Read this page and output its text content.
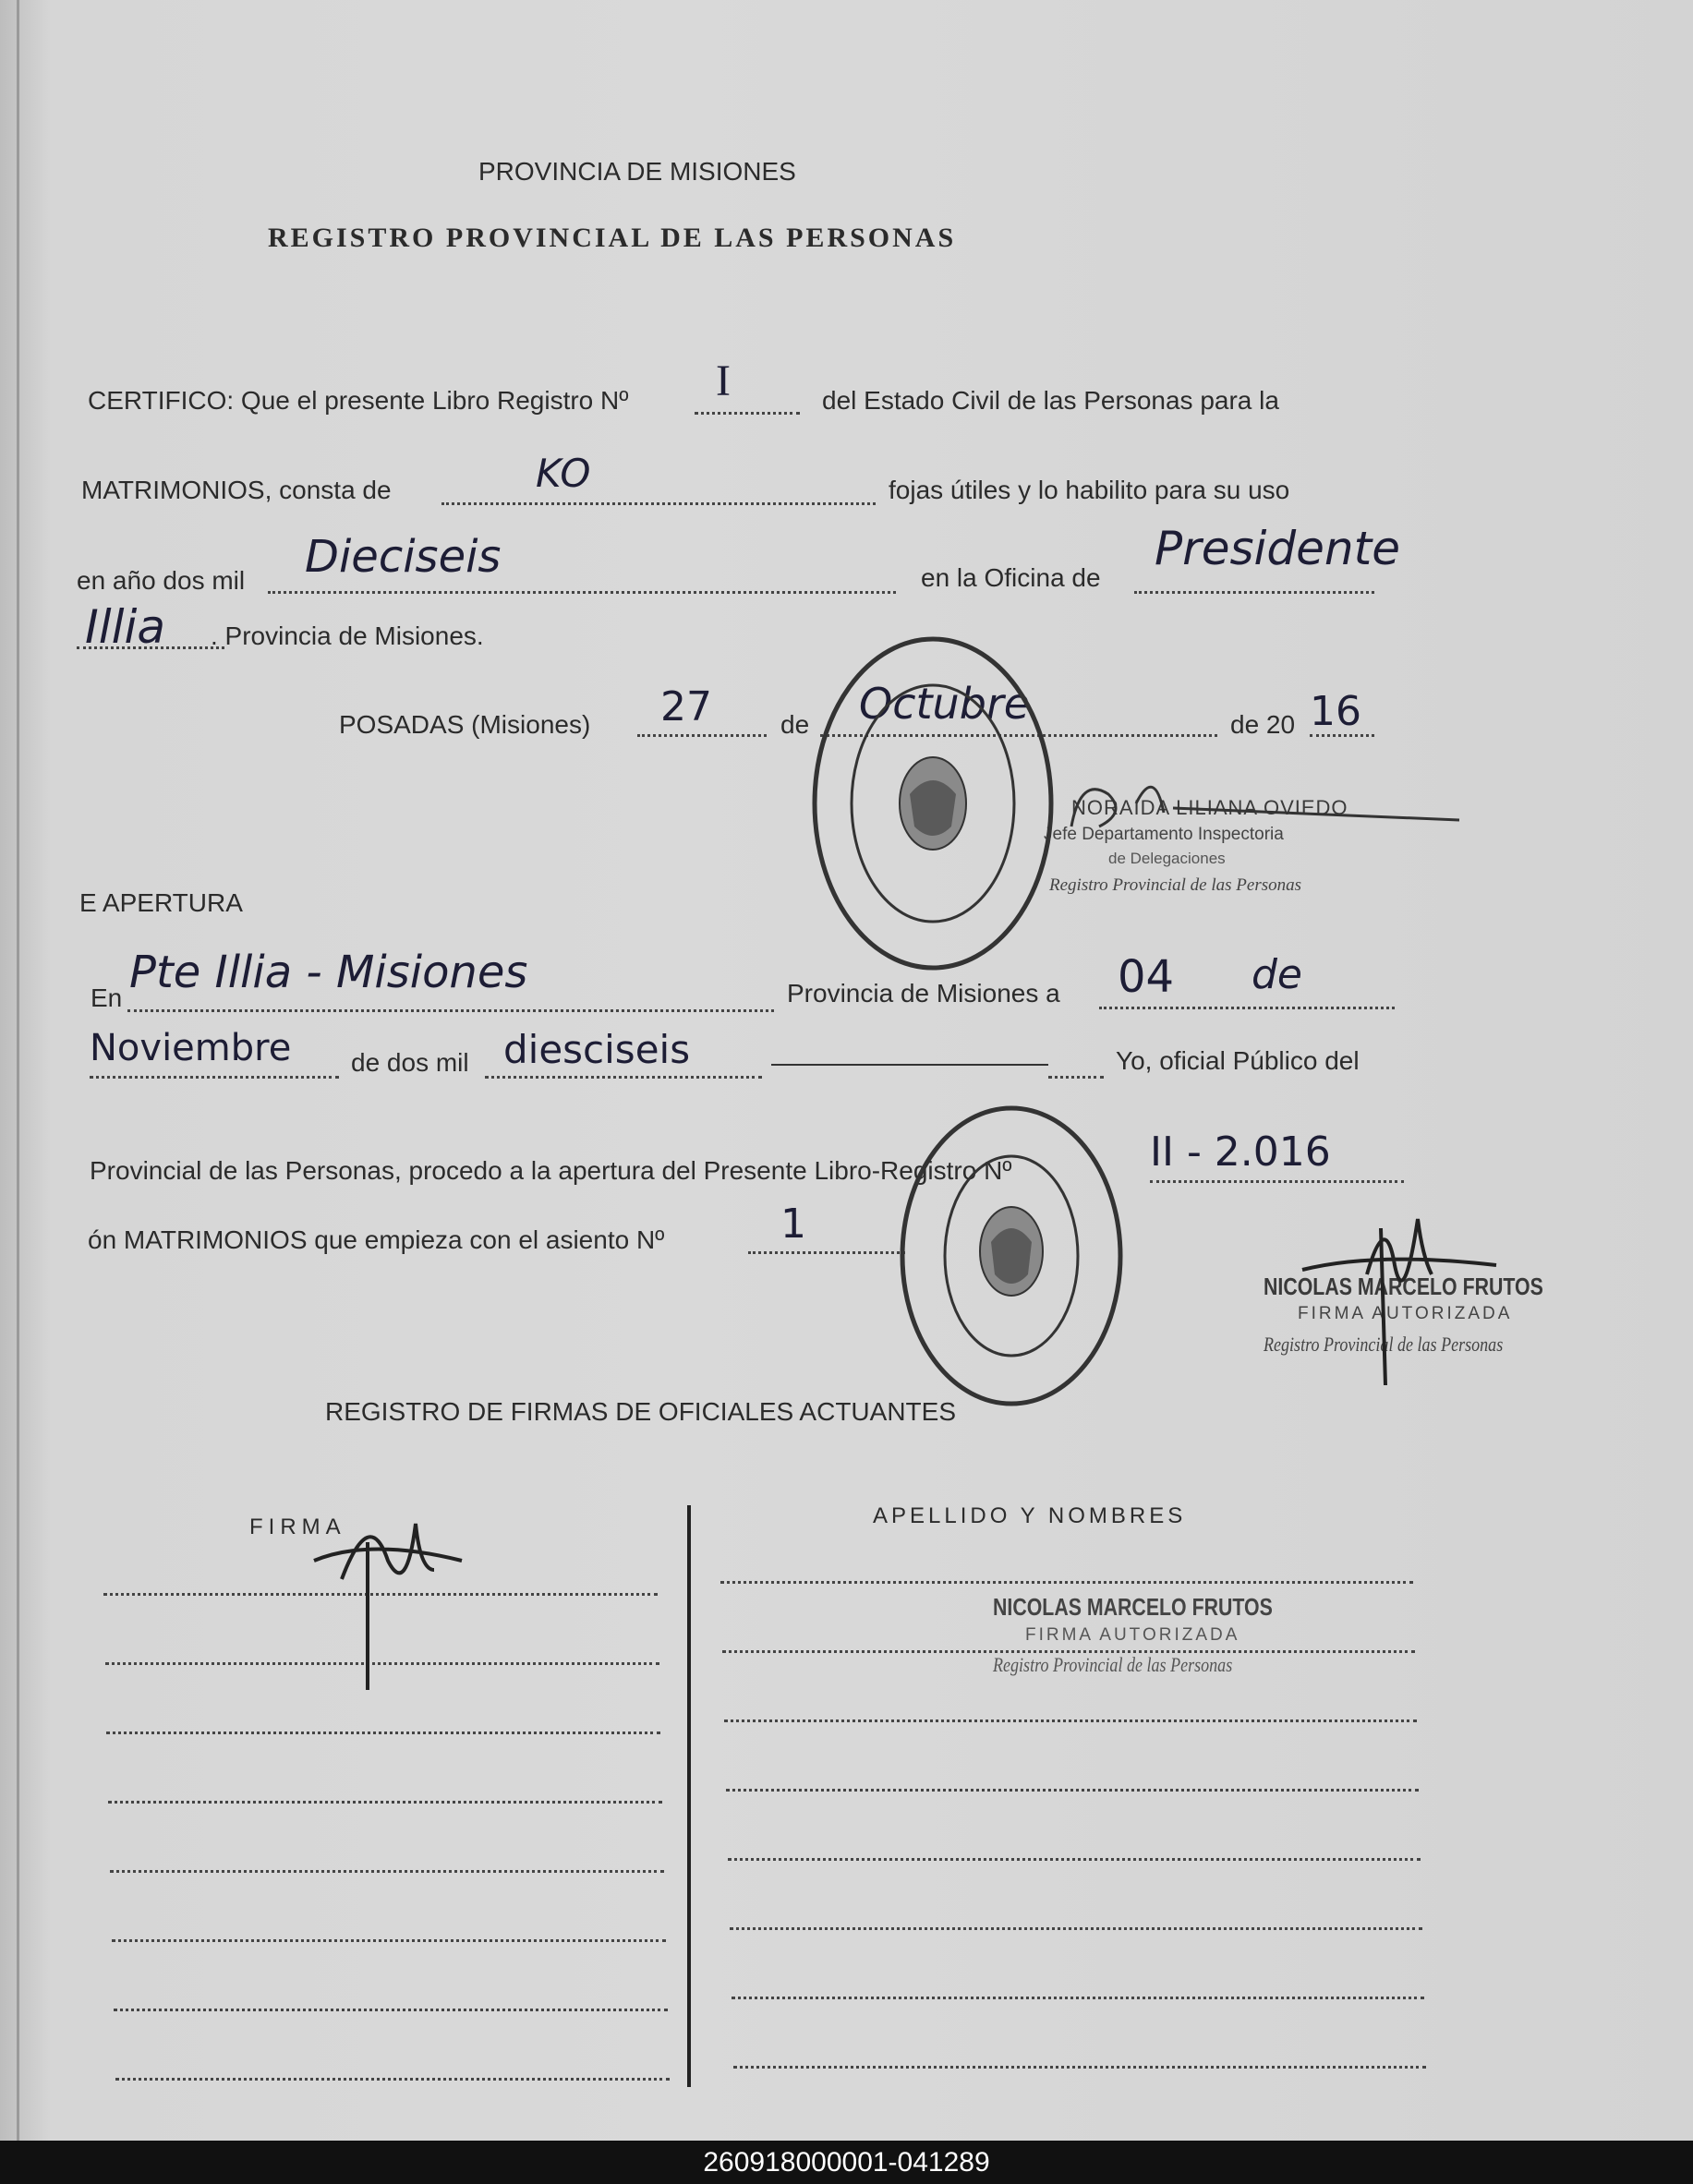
PROVINCIA DE MISIONES
REGISTRO PROVINCIAL DE LAS PERSONAS
CERTIFICO: Que el presente Libro Registro Nº I	del Estado Civil de las Personas para la
MATRIMONIOS, consta de	KO	fojas útiles y lo habilito para su uso
en año dos mil Dieciseis	en la Oficina de
Presidente
Illia . Provincia de Misiones.
POSADAS (Misiones) 27	de Octubre	de 20 16
NORAIDA LILIANA OVIEDO
Jefe Departamento Inspectoria
de Delegaciones
Registro Provincial de las Personas
E APERTURA
En Pte Illia - Misiones	Provincia de Misiones a 04 de
Noviembre de dos mil diesciseis	Yo, oficial Público del
Provincial de las Personas, procedo a la apertura del Presente Libro-Registro Nº	II - 2.016
ón MATRIMONIOS que empieza con el asiento Nº	1
NICOLAS MARCELO FRUTOS
FIRMA AUTORIZADA
Registro Provincial de las Personas
REGISTRO DE FIRMAS DE OFICIALES ACTUANTES
FIRMA	APELLIDO Y NOMBRES
NICOLAS MARCELO FRUTOS
FIRMA AUTORIZADA
Registro Provincial de las Personas
260918000001-041289
